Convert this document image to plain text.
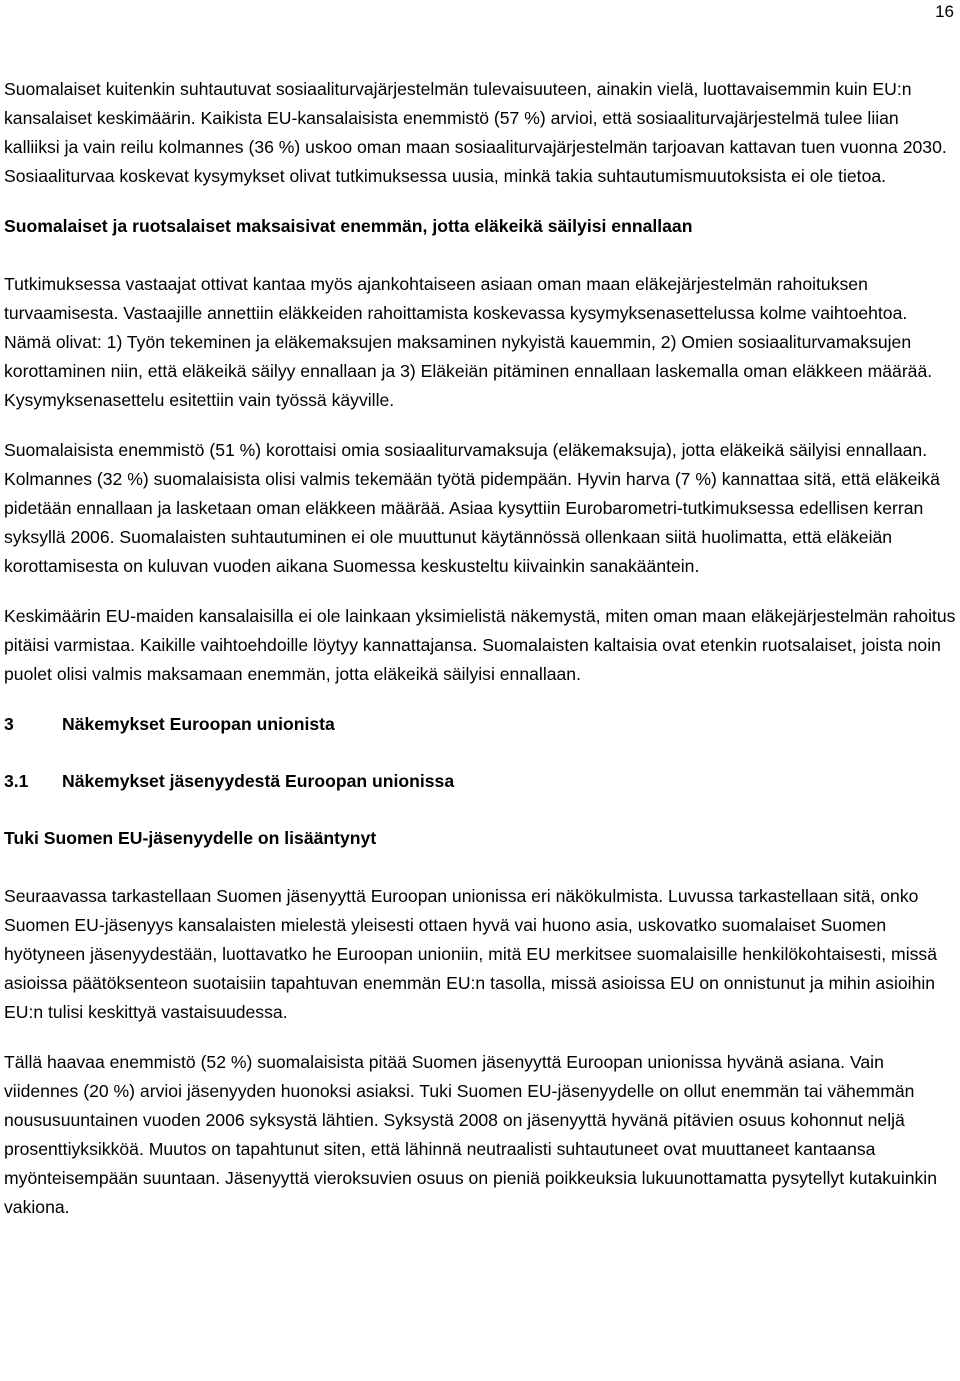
16

Suomalaiset kuitenkin suhtautuvat sosiaaliturvajärjestelmän tulevaisuuteen, ainakin vielä, luottavaisemmin kuin EU:n kansalaiset keskimäärin. Kaikista EU-kansalaisista enemmistö (57 %) arvioi, että sosiaaliturvajärjestelmä tulee liian kalliiksi ja vain reilu kolmannes (36 %) uskoo oman maan sosiaaliturvajärjestelmän tarjoavan kattavan tuen vuonna 2030. Sosiaaliturvaa koskevat kysymykset olivat tutkimuksessa uusia, minkä takia suhtautumismuutoksista ei ole tietoa.

Suomalaiset ja ruotsalaiset maksaisivat enemmän, jotta eläkeikä säilyisi ennallaan

Tutkimuksessa vastaajat ottivat kantaa myös ajankohtaiseen asiaan oman maan eläkejärjestelmän rahoituksen turvaamisesta. Vastaajille annettiin eläkkeiden rahoittamista koskevassa kysymyksenasettelussa kolme vaihtoehtoa. Nämä olivat: 1) Työn tekeminen ja eläkemaksujen maksaminen nykyistä kauemmin, 2) Omien sosiaaliturvamaksujen korottaminen niin, että eläkeikä säilyy ennallaan ja 3) Eläkeiän pitäminen ennallaan laskemalla oman eläkkeen määrää. Kysymyksenasettelu esitettiin vain työssä käyville.

Suomalaisista enemmistö (51 %) korottaisi omia sosiaaliturvamaksuja (eläkemaksuja), jotta eläkeikä säilyisi ennallaan. Kolmannes (32 %) suomalaisista olisi valmis tekemään työtä pidempään. Hyvin harva (7 %) kannattaa sitä, että eläkeikä pidetään ennallaan ja lasketaan oman eläkkeen määrää. Asiaa kysyttiin Eurobarometri-tutkimuksessa edellisen kerran syksyllä 2006. Suomalaisten suhtautuminen ei ole muuttunut käytännössä ollenkaan siitä huolimatta, että eläkeiän korottamisesta on kuluvan vuoden aikana Suomessa keskusteltu kiivainkin sanakääntein.

Keskimäärin EU-maiden kansalaisilla ei ole lainkaan yksimielistä näkemystä, miten oman maan eläkejärjestelmän rahoitus pitäisi varmistaa. Kaikille vaihtoehdoille löytyy kannattajansa. Suomalaisten kaltaisia ovat etenkin ruotsalaiset, joista noin puolet olisi valmis maksamaan enemmän, jotta eläkeikä säilyisi ennallaan.

3	Näkemykset Euroopan unionista
3.1	Näkemykset jäsenyydestä Euroopan unionissa

Tuki Suomen EU-jäsenyydelle on lisääntynyt

Seuraavassa tarkastellaan Suomen jäsenyyttä Euroopan unionissa eri näkökulmista. Luvussa tarkastellaan sitä, onko Suomen EU-jäsenyys kansalaisten mielestä yleisesti ottaen hyvä vai huono asia, uskovatko suomalaiset Suomen hyötyneen jäsenyydestään, luottavatko he Euroopan unioniin, mitä EU merkitsee suomalaisille henkilökohtaisesti, missä asioissa päätöksenteon suotaisiin tapahtuvan enemmän EU:n tasolla, missä asioissa EU on onnistunut ja mihin asioihin EU:n tulisi keskittyä vastaisuudessa.

Tällä haavaa enemmistö (52 %) suomalaisista pitää Suomen jäsenyyttä Euroopan unionissa hyvänä asiana. Vain viidennes (20 %) arvioi jäsenyyden huonoksi asiaksi. Tuki Suomen EU-jäsenyydelle on ollut enemmän tai vähemmän noususuuntainen vuoden 2006 syksystä lähtien. Syksystä 2008 on jäsenyyttä hyvänä pitävien osuus kohonnut neljä prosenttiyksikköä. Muutos on tapahtunut siten, että lähinnä neutraalisti suhtautuneet ovat muuttaneet kantaansa myönteisempään suuntaan. Jäsenyyttä vieroksuvien osuus on pieniä poikkeuksia lukuunottamatta pysytellyt kutakuinkin vakiona.
